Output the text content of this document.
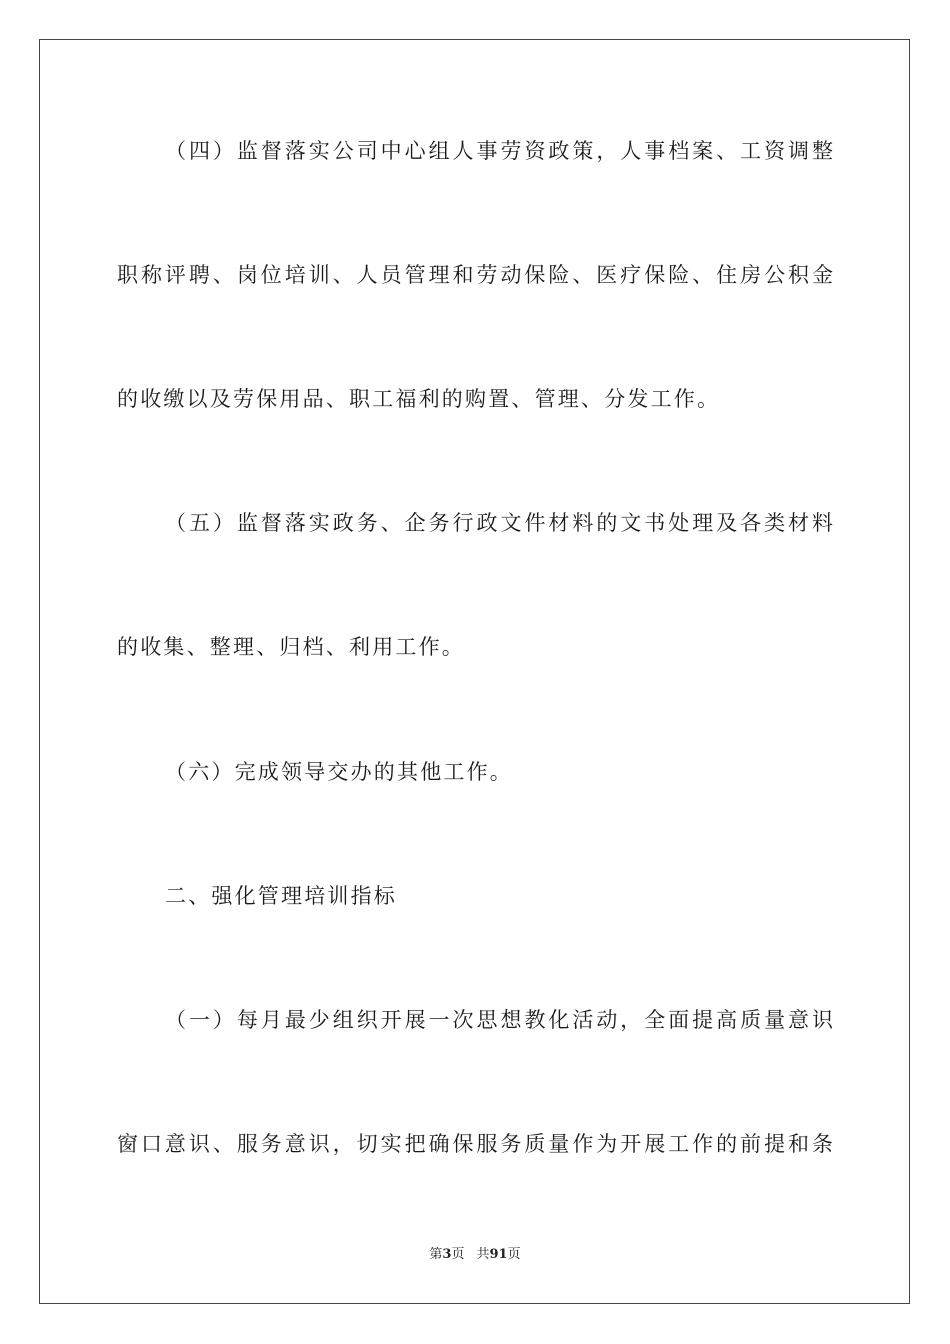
（四）监督落实公司中心组人事劳资政策，人事档案、工资调整
职称评聘、岗位培训、人员管理和劳动保险、医疗保险、住房公积金
的收缴以及劳保用品、职工福利的购置、管理、分发工作。
（五）监督落实政务、企务行政文件材料的文书处理及各类材料
的收集、整理、归档、利用工作。
（六）完成领导交办的其他工作。
二、强化管理培训指标
（一）每月最少组织开展一次思想教化活动，全面提高质量意识
窗口意识、服务意识，切实把确保服务质量作为开展工作的前提和条
第3页 共91页
